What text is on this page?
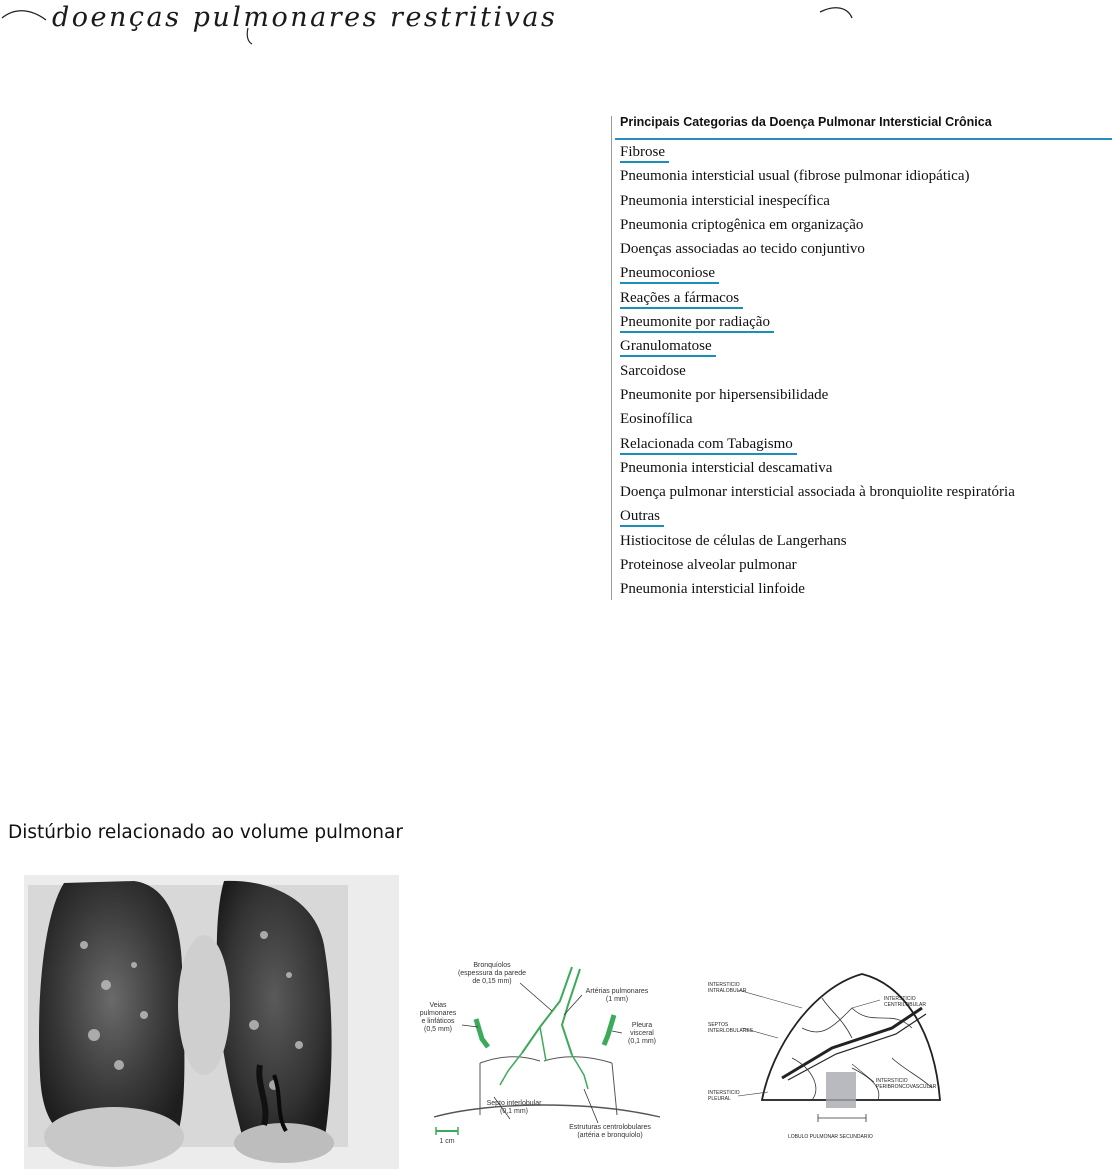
doenças pulmonares restritivas
Principais Categorias da Doença Pulmonar Intersticial Crônica
Fibrose
Pneumonia intersticial usual (fibrose pulmonar idiopática)
Pneumonia intersticial inespecífica
Pneumonia criptogênica em organização
Doenças associadas ao tecido conjuntivo
Pneumoconiose
Reações a fármacos
Pneumonite por radiação
Granulomatose
Sarcoidose
Pneumonite por hipersensibilidade
Eosinofílica
Relacionada com Tabagismo
Pneumonia intersticial descamativa
Doença pulmonar intersticial associada à bronquiolite respiratória
Outras
Histiocitose de células de Langerhans
Proteinose alveolar pulmonar
Pneumonia intersticial linfoide
Distúrbio relacionado ao volume pulmonar
Bronquíolos
(espessura da parede
de 0,15 mm)
Artérias pulmonares
(1 mm)
Veias
pulmonares
e linfáticos
(0,5 mm)
Pleura
visceral
(0,1 mm)
Septo interlobular
(0,1 mm)
Estruturas centrolobulares
(artéria e bronquíolo)
1 cm
INTERSTICIO
INTRALOBULAR
INTERSTICIO
CENTRILOBULAR
SEPTOS
INTERLOBULARES
INTERSTICIO
PERIBRONCOVASCULAR
INTERSTICIO
PLEURAL
LOBULO PULMONAR SECUNDARIO
